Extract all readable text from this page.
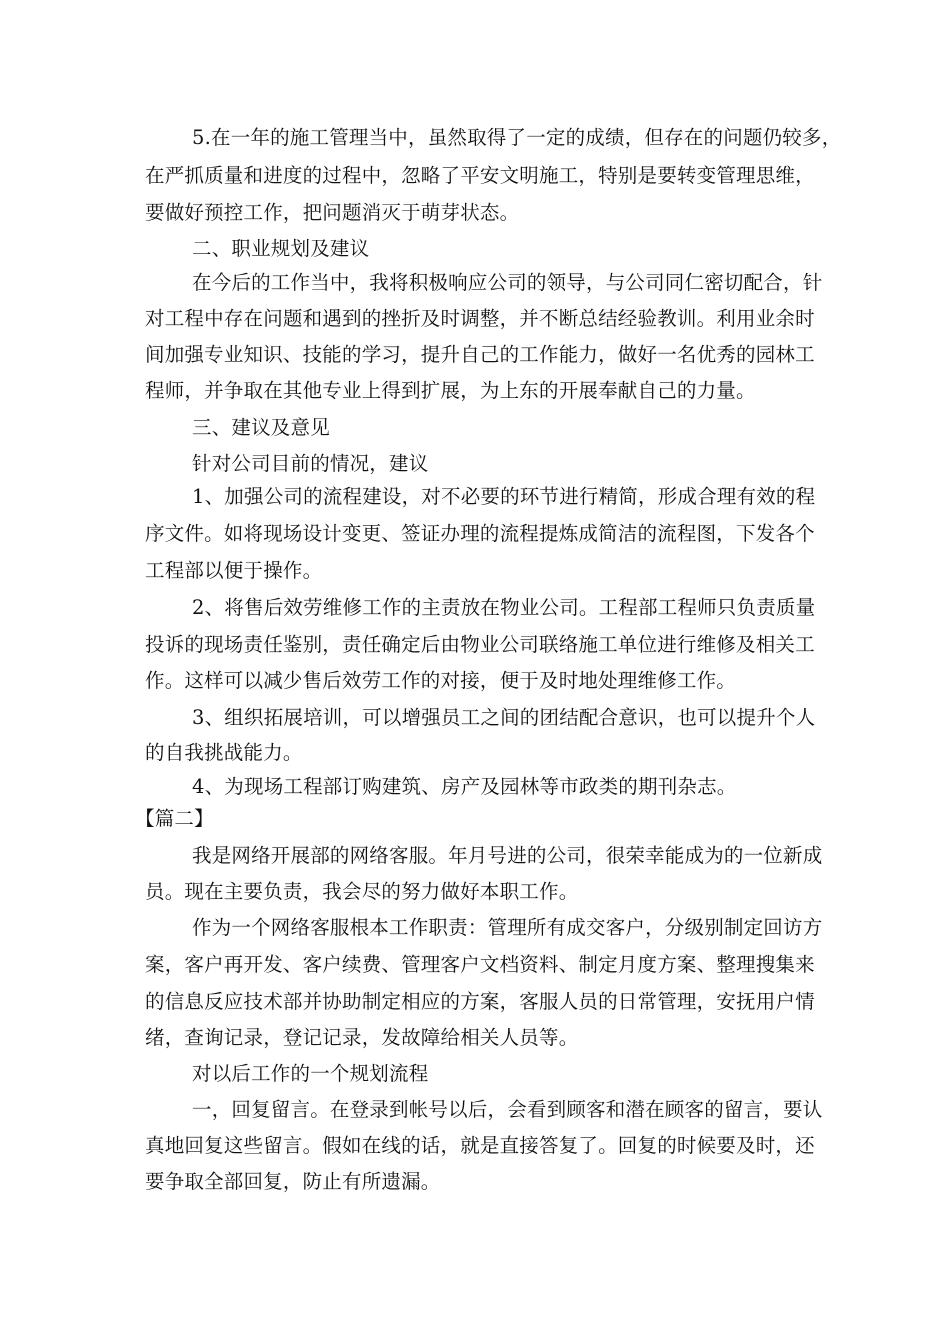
5.在一年的施工管理当中，虽然取得了一定的成绩，但存在的问题仍较多，
在严抓质量和进度的过程中，忽略了平安文明施工，特别是要转变管理思维，
要做好预控工作，把问题消灭于萌芽状态。
二、职业规划及建议
在今后的工作当中，我将积极响应公司的领导，与公司同仁密切配合，针
对工程中存在问题和遇到的挫折及时调整，并不断总结经验教训。利用业余时
间加强专业知识、技能的学习，提升自己的工作能力，做好一名优秀的园林工
程师，并争取在其他专业上得到扩展，为上东的开展奉献自己的力量。
三、建议及意见
针对公司目前的情况，建议
1、加强公司的流程建设，对不必要的环节进行精简，形成合理有效的程
序文件。如将现场设计变更、签证办理的流程提炼成简洁的流程图，下发各个
工程部以便于操作。
2、将售后效劳维修工作的主责放在物业公司。工程部工程师只负责质量
投诉的现场责任鉴别，责任确定后由物业公司联络施工单位进行维修及相关工
作。这样可以减少售后效劳工作的对接，便于及时地处理维修工作。
3、组织拓展培训，可以增强员工之间的团结配合意识，也可以提升个人
的自我挑战能力。
4、为现场工程部订购建筑、房产及园林等市政类的期刊杂志。
【篇二】
我是网络开展部的网络客服。年月号进的公司，很荣幸能成为的一位新成
员。现在主要负责，我会尽的努力做好本职工作。
作为一个网络客服根本工作职责：管理所有成交客户，分级别制定回访方
案，客户再开发、客户续费、管理客户文档资料、制定月度方案、整理搜集来
的信息反应技术部并协助制定相应的方案，客服人员的日常管理，安抚用户情
绪，查询记录，登记记录，发故障给相关人员等。
对以后工作的一个规划流程
一，回复留言。在登录到帐号以后，会看到顾客和潜在顾客的留言，要认
真地回复这些留言。假如在线的话，就是直接答复了。回复的时候要及时，还
要争取全部回复，防止有所遗漏。
